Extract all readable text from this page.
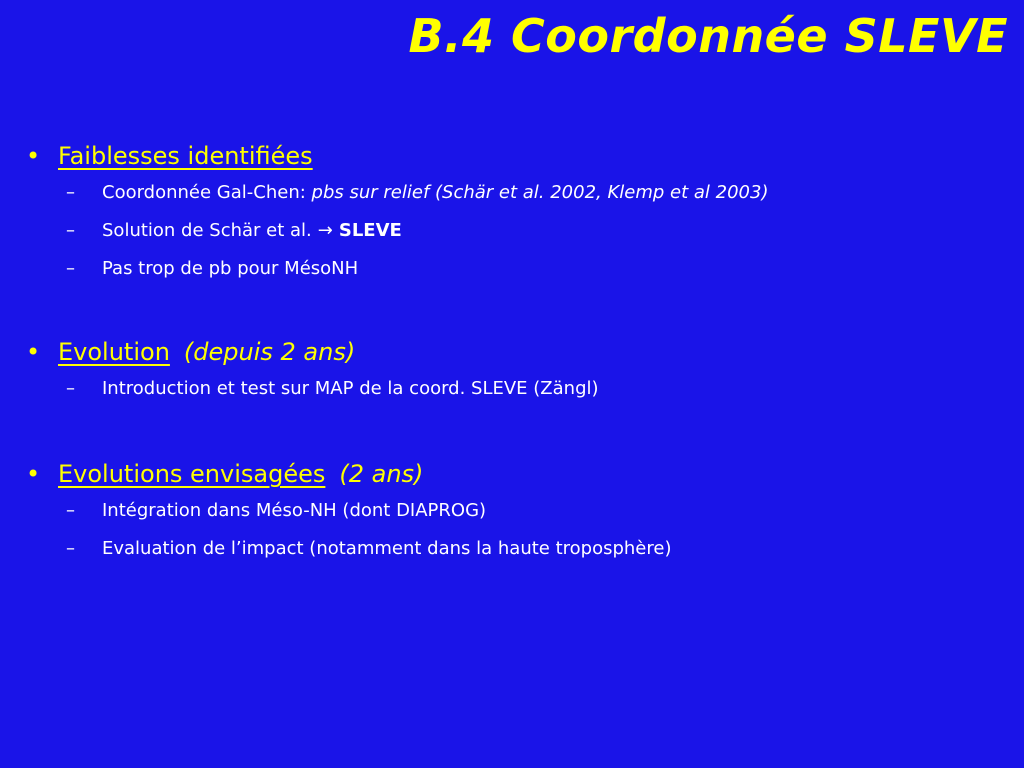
B.4 Coordonnée SLEVE
• Faiblesses identifiées
–	Coordonnée Gal-Chen: pbs sur relief (Schär et al. 2002, Klemp et al 2003)
–	Solution de Schär et al. → SLEVE
–	Pas trop de pb pour MésoNH
• Evolution (depuis 2 ans)
–	Introduction et test sur MAP de la coord. SLEVE (Zängl)
• Evolutions envisagées (2 ans)
–	Intégration dans Méso-NH (dont DIAPROG)
–	Evaluation de l’impact (notamment dans la haute troposphère)
